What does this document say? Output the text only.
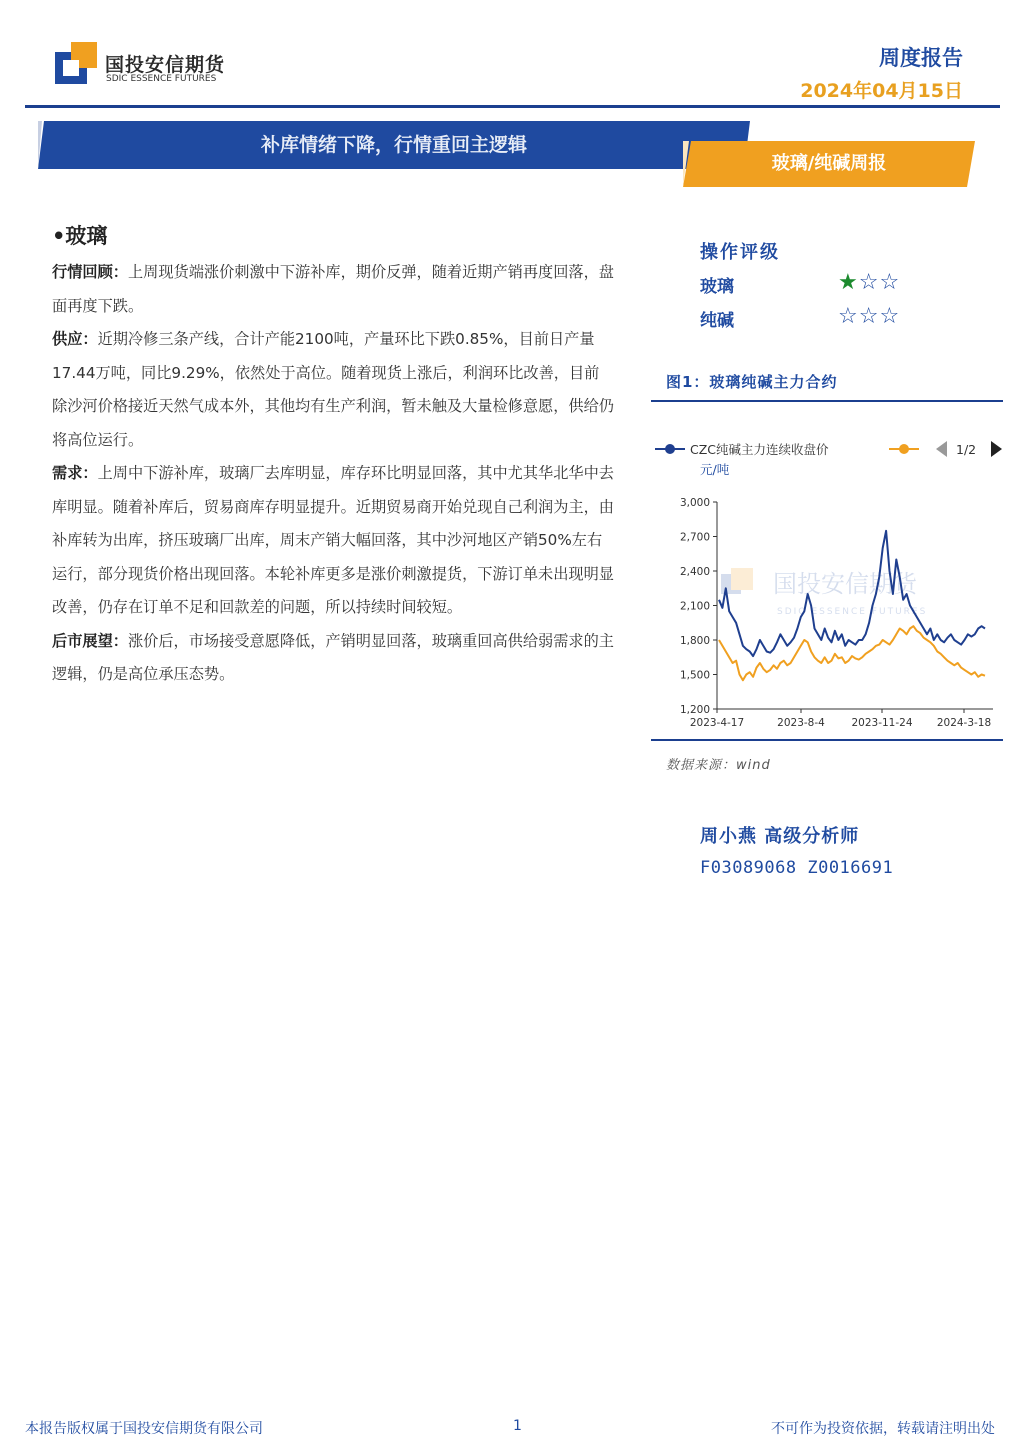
国投安信期货
SDIC ESSENCE FUTURES
周度报告
2024年04月15日
补库情绪下降，行情重回主逻辑
玻璃/纯碱周报
•玻璃

行情回顾：上周现货端涨价刺激中下游补库，期价反弹，随着近期产销再度回落，盘面再度下跌。

供应：近期冷修三条产线，合计产能2100吨，产量环比下跌0.85%，目前日产量17.44万吨，同比9.29%，依然处于高位。随着现货上涨后，利润环比改善，目前除沙河价格接近天然气成本外，其他均有生产利润，暂未触及大量检修意愿，供给仍将高位运行。

需求：上周中下游补库，玻璃厂去库明显，库存环比明显回落，其中尤其华北华中去库明显。随着补库后，贸易商库存明显提升。近期贸易商开始兑现自己利润为主，由补库转为出库，挤压玻璃厂出库，周末产销大幅回落，其中沙河地区产销50%左右运行，部分现货价格出现回落。本轮补库更多是涨价刺激提货，下游订单未出现明显改善，仍存在订单不足和回款差的问题，所以持续时间较短。

后市展望：涨价后，市场接受意愿降低，产销明显回落，玻璃重回高供给弱需求的主逻辑，仍是高位承压态势。

操作评级
玻璃	★☆☆
纯碱	☆☆☆
图1：玻璃纯碱主力合约
CZC纯碱主力连续收盘价	1/2
元/吨
国投安信期货
SDIC ESSENCE FUTURES
3,000
2,700
2,400
2,100
1,800
1,500
1,200
2023-4-17	2023-8-4	2023-11-24 2024-3-18
数据来源：wind
周小燕 高级分析师
F03089068 Z0016691
本报告版权属于国投安信期货有限公司	1	不可作为投资依据，转载请注明出处
